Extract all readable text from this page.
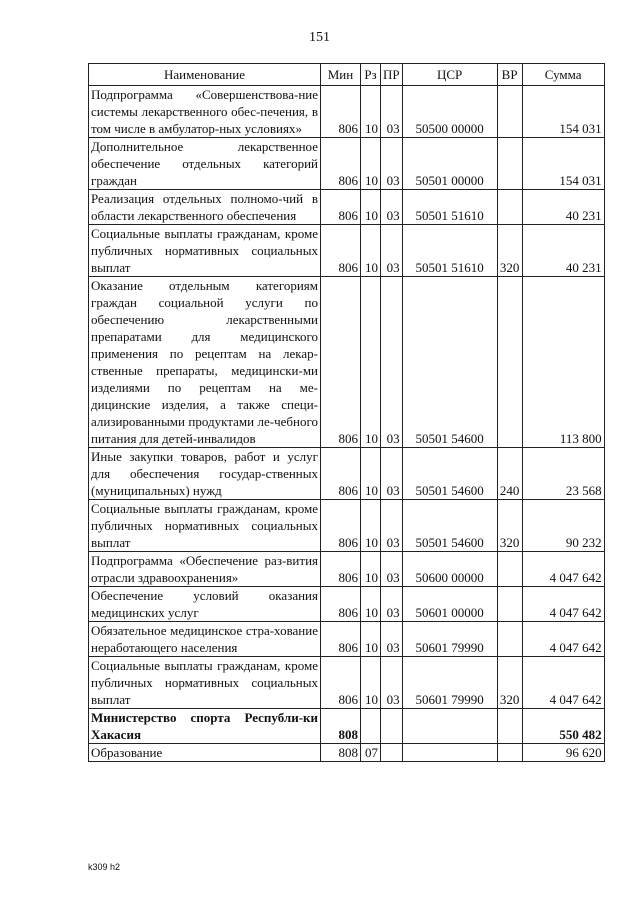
151
Наименование	Мин	Рз	ПР	ЦСР	ВР	Сумма
Подпрограмма «Совершенствова-ние системы лекарственного обес-печения, в том числе в амбулатор-ных условиях»	806	10	03	50500 00000		154 031
Дополнительное лекарственное обеспечение отдельных категорий граждан	806	10	03	50501 00000		154 031
Реализация отдельных полномо-чий в области лекарственного обеспечения	806	10	03	50501 51610		40 231
Социальные выплаты гражданам, кроме публичных нормативных социальных выплат	806	10	03	50501 51610	320	40 231
Оказание отдельным категориям граждан социальной услуги по обеспечению лекарственными препаратами для медицинского применения по рецептам на лекар-ственные препараты, медицински-ми изделиями по рецептам на ме-дицинские изделия, а также специ-ализированными продуктами ле-чебного питания для детей-инвалидов	806	10	03	50501 54600		113 800
Иные закупки товаров, работ и услуг для обеспечения государ-ственных (муниципальных) нужд	806	10	03	50501 54600	240	23 568
Социальные выплаты гражданам, кроме публичных нормативных социальных выплат	806	10	03	50501 54600	320	90 232
Подпрограмма «Обеспечение раз-вития отрасли здравоохранения»	806	10	03	50600 00000		4 047 642
Обеспечение условий оказания медицинских услуг	806	10	03	50601 00000		4 047 642
Обязательное медицинское стра-хование неработающего населения	806	10	03	50601 79990		4 047 642
Социальные выплаты гражданам, кроме публичных нормативных социальных выплат	806	10	03	50601 79990	320	4 047 642
Министерство спорта Республи-ки Хакасия	808					550 482
Образование	808	07				96 620
k309 h2
